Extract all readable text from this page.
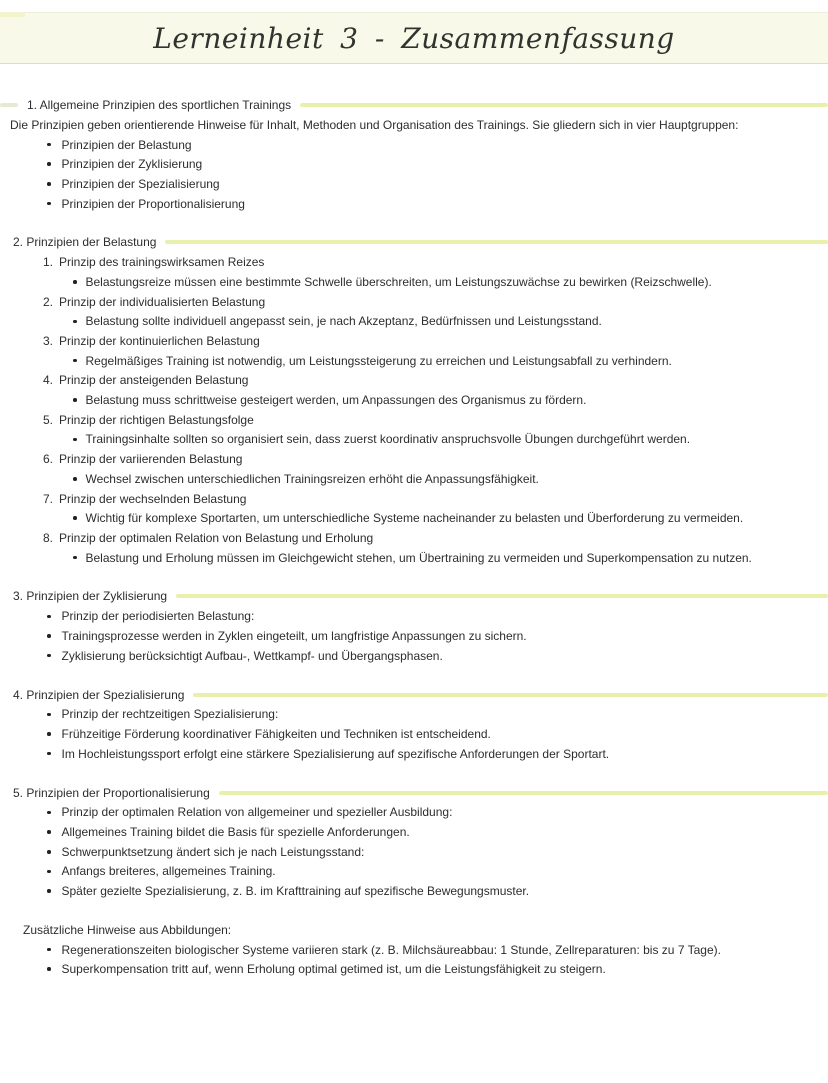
Lerneinheit 3 - Zusammenfassung
1. Allgemeine Prinzipien des sportlichen Trainings
Die Prinzipien geben orientierende Hinweise für Inhalt, Methoden und Organisation des Trainings. Sie gliedern sich in vier Hauptgruppen:
Prinzipien der Belastung
Prinzipien der Zyklisierung
Prinzipien der Spezialisierung
Prinzipien der Proportionalisierung
2. Prinzipien der Belastung
1. Prinzip des trainingswirksamen Reizes
Belastungsreize müssen eine bestimmte Schwelle überschreiten, um Leistungszuwächse zu bewirken (Reizschwelle).
2. Prinzip der individualisierten Belastung
Belastung sollte individuell angepasst sein, je nach Akzeptanz, Bedürfnissen und Leistungsstand.
3. Prinzip der kontinuierlichen Belastung
Regelmäßiges Training ist notwendig, um Leistungssteigerung zu erreichen und Leistungsabfall zu verhindern.
4. Prinzip der ansteigenden Belastung
Belastung muss schrittweise gesteigert werden, um Anpassungen des Organismus zu fördern.
5. Prinzip der richtigen Belastungsfolge
Trainingsinhalte sollten so organisiert sein, dass zuerst koordinativ anspruchsvolle Übungen durchgeführt werden.
6. Prinzip der variierenden Belastung
Wechsel zwischen unterschiedlichen Trainingsreizen erhöht die Anpassungsfähigkeit.
7. Prinzip der wechselnden Belastung
Wichtig für komplexe Sportarten, um unterschiedliche Systeme nacheinander zu belasten und Überforderung zu vermeiden.
8. Prinzip der optimalen Relation von Belastung und Erholung
Belastung und Erholung müssen im Gleichgewicht stehen, um Übertraining zu vermeiden und Superkompensation zu nutzen.
3. Prinzipien der Zyklisierung
Prinzip der periodisierten Belastung:
Trainingsprozesse werden in Zyklen eingeteilt, um langfristige Anpassungen zu sichern.
Zyklisierung berücksichtigt Aufbau-, Wettkampf- und Übergangsphasen.
4. Prinzipien der Spezialisierung
Prinzip der rechtzeitigen Spezialisierung:
Frühzeitige Förderung koordinativer Fähigkeiten und Techniken ist entscheidend.
Im Hochleistungssport erfolgt eine stärkere Spezialisierung auf spezifische Anforderungen der Sportart.
5. Prinzipien der Proportionalisierung
Prinzip der optimalen Relation von allgemeiner und spezieller Ausbildung:
Allgemeines Training bildet die Basis für spezielle Anforderungen.
Schwerpunktsetzung ändert sich je nach Leistungsstand:
Anfangs breiteres, allgemeines Training.
Später gezielte Spezialisierung, z. B. im Krafttraining auf spezifische Bewegungsmuster.
Zusätzliche Hinweise aus Abbildungen:
Regenerationszeiten biologischer Systeme variieren stark (z. B. Milchsäureabbau: 1 Stunde, Zellreparaturen: bis zu 7 Tage).
Superkompensation tritt auf, wenn Erholung optimal getimed ist, um die Leistungsfähigkeit zu steigern.
